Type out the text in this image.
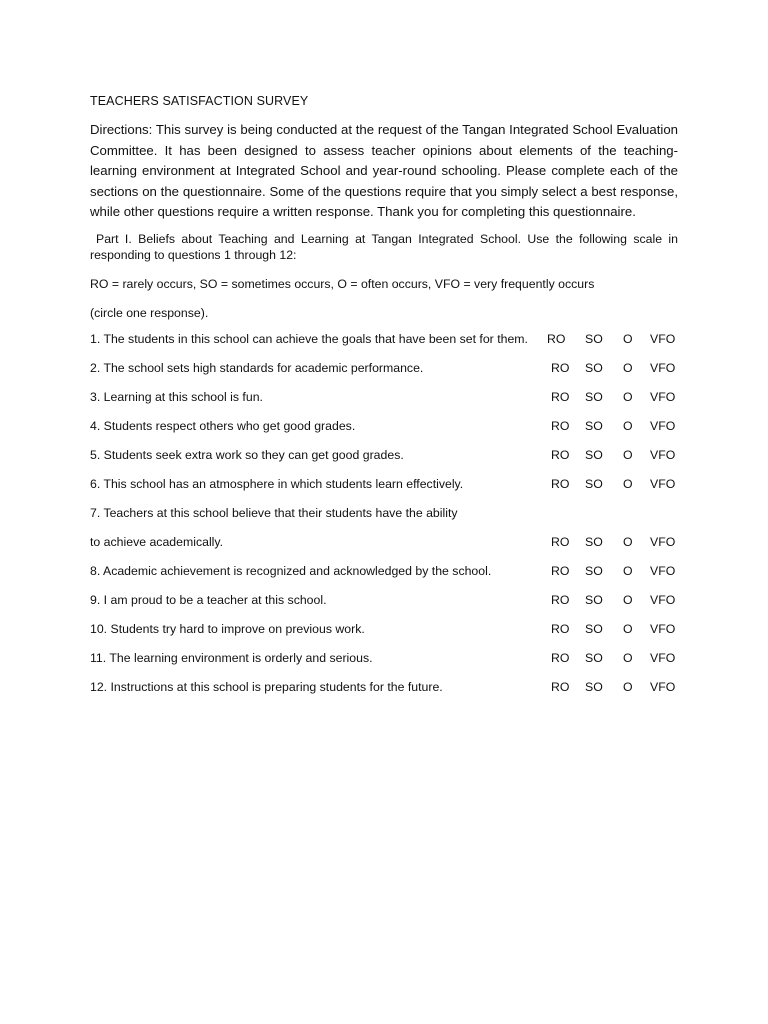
TEACHERS SATISFACTION SURVEY

Directions: This survey is being conducted at the request of the Tangan Integrated School Evaluation Committee. It has been designed to assess teacher opinions about elements of the teaching-learning environment at Integrated School and year-round schooling. Please complete each of the sections on the questionnaire. Some of the questions require that you simply select a best response, while other questions require a written response. Thank you for completing this questionnaire.

Part I. Beliefs about Teaching and Learning at Tangan Integrated School. Use the following scale in responding to questions 1 through 12:

RO = rarely occurs, SO = sometimes occurs, O = often occurs, VFO = very frequently occurs
(circle one response).
1. The students in this school can achieve the goals that have been set for them. RO SO O VFO
2. The school sets high standards for academic performance.	RO SO O VFO
3. Learning at this school is fun.	RO SO O VFO
4. Students respect others who get good grades.	RO SO O VFO
5. Students seek extra work so they can get good grades.	RO SO O VFO
6. This school has an atmosphere in which students learn effectively.	RO SO O VFO
7. Teachers at this school believe that their students have the ability
to achieve academically.	RO SO O VFO
8. Academic achievement is recognized and acknowledged by the school.	RO SO O VFO
9. I am proud to be a teacher at this school.	RO SO O VFO
10. Students try hard to improve on previous work.	RO SO O VFO
11. The learning environment is orderly and serious.	RO SO O VFO
12. Instructions at this school is preparing students for the future.	RO SO O VFO
